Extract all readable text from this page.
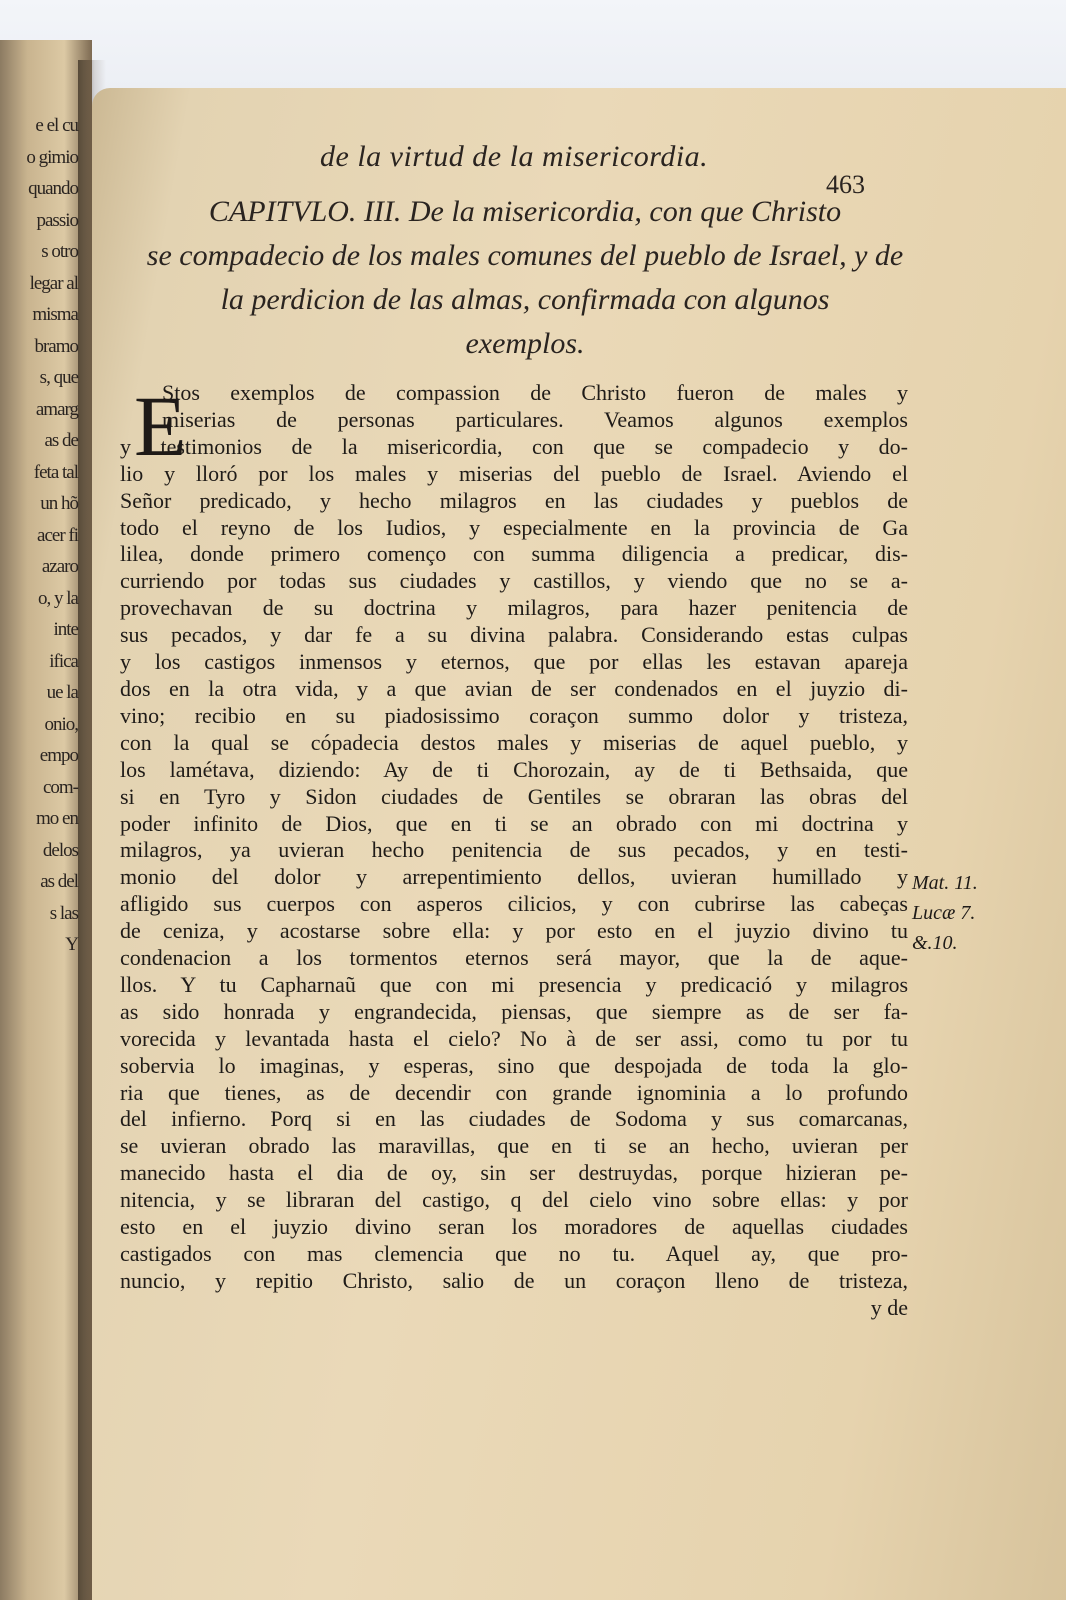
e el cu
o gimio
quando
passio
s otro
legar al
misma
bramo
s, que
amarg
as de
feta tal
un hõ
acer fi
azaro
o, y la
inte
ifica
ue la
onio,
empo
com-
mo en
delos
as del
s las
Y
de la virtud de la misericordia.
463
CAPITVLO. III. De la misericordia, con que Christo
se compadecio de los males comunes del pueblo de Israel, y de
la perdicion de las almas, confirmada con algunos
exemplos.
E
Stos exemplos de compassion de Christo fueron de males y
miserias de personas particulares. Veamos algunos exemplos
y testimonios de la misericordia, con que se compadecio y do-
lio y lloró por los males y miserias del pueblo de Israel. Aviendo el
Señor predicado, y hecho milagros en las ciudades y pueblos de
todo el reyno de los Iudios, y especialmente en la provincia de Ga
lilea, donde primero començo con summa diligencia a predicar, dis-
curriendo por todas sus ciudades y castillos, y viendo que no se a-
provechavan de su doctrina y milagros, para hazer penitencia de
sus pecados, y dar fe a su divina palabra. Considerando estas culpas
y los castigos inmensos y eternos, que por ellas les estavan apareja
dos en la otra vida, y a que avian de ser condenados en el juyzio di-
vino; recibio en su piadosissimo coraçon summo dolor y tristeza,
con la qual se cópadecia destos males y miserias de aquel pueblo, y
los lamétava, diziendo: Ay de ti Chorozain, ay de ti Bethsaida, que
si en Tyro y Sidon ciudades de Gentiles se obraran las obras del
poder infinito de Dios, que en ti se an obrado con mi doctrina y
milagros, ya uvieran hecho penitencia de sus pecados, y en testi-
monio del dolor y arrepentimiento dellos, uvieran humillado y
afligido sus cuerpos con asperos cilicios, y con cubrirse las cabeças
de ceniza, y acostarse sobre ella: y por esto en el juyzio divino tu
condenacion a los tormentos eternos será mayor, que la de aque-
llos. Y tu Capharnaũ que con mi presencia y predicació y milagros
as sido honrada y engrandecida, piensas, que siempre as de ser fa-
vorecida y levantada hasta el cielo? No à de ser assi, como tu por tu
sobervia lo imaginas, y esperas, sino que despojada de toda la glo-
ria que tienes, as de decendir con grande ignominia a lo profundo
del infierno. Porq si en las ciudades de Sodoma y sus comarcanas,
se uvieran obrado las maravillas, que en ti se an hecho, uvieran per
manecido hasta el dia de oy, sin ser destruydas, porque hizieran pe-
nitencia, y se libraran del castigo, q del cielo vino sobre ellas: y por
esto en el juyzio divino seran los moradores de aquellas ciudades
castigados con mas clemencia que no tu. Aquel ay, que pro-
nuncio, y repitio Christo, salio de un coraçon lleno de tristeza,
y de
Mat. 11.
Lucæ 7.
&.10.
